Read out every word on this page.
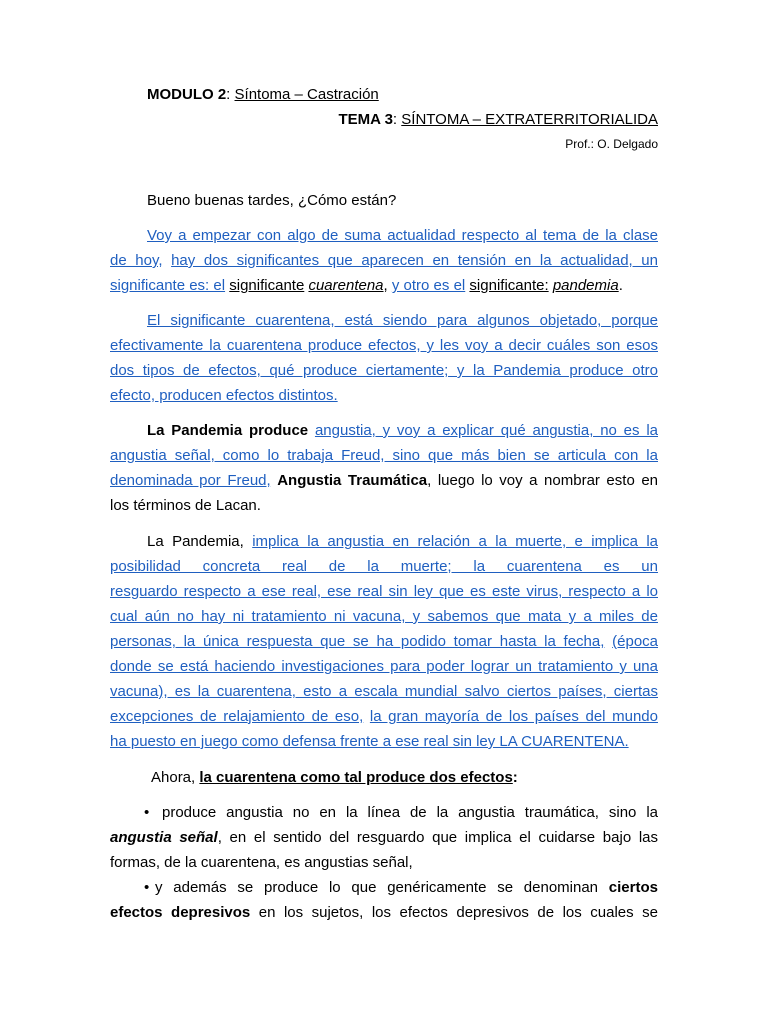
MODULO 2: Síntoma – Castración
TEMA 3: SÍNTOMA – EXTRATERRITORIALIDA
Prof.: O. Delgado
Bueno buenas tardes, ¿Cómo están?
Voy a empezar con algo de suma actualidad respecto al tema de la clase
de hoy, hay dos significantes que aparecen en tensión en la actualidad, un
significante es: el significante cuarentena, y otro es el significante: pandemia.
El significante cuarentena, está siendo para algunos objetado, porque
efectivamente la cuarentena produce efectos, y les voy a decir cuáles son esos
dos tipos de efectos, qué produce ciertamente; y la Pandemia produce otro
efecto, producen efectos distintos.
La Pandemia produce angustia, y voy a explicar qué angustia, no es la
angustia señal, como lo trabaja Freud, sino que más bien se articula con la
denominada por Freud, Angustia Traumática, luego lo voy a nombrar esto en
los términos de Lacan.
La Pandemia, implica la angustia en relación a la muerte, e implica la
posibilidad concreta real de la muerte; la cuarentena es un
resguardo respecto a ese real, ese real sin ley que es este virus, respecto a lo
cual aún no hay ni tratamiento ni vacuna, y sabemos que mata y a miles de
personas, la única respuesta que se ha podido tomar hasta la fecha, (época
donde se está haciendo investigaciones para poder lograr un tratamiento y una
vacuna), es la cuarentena, esto a escala mundial salvo ciertos países, ciertas
excepciones de relajamiento de eso, la gran mayoría de los países del mundo
ha puesto en juego como defensa frente a ese real sin ley LA CUARENTENA.
Ahora, la cuarentena como tal produce dos efectos:
• produce angustia no en la línea de la angustia traumática, sino la
angustia señal, en el sentido del resguardo que implica el cuidarse bajo las
formas, de la cuarentena, es angustias señal,
• y además se produce lo que genéricamente se denominan ciertos
efectos depresivos en los sujetos, los efectos depresivos de los cuales se
